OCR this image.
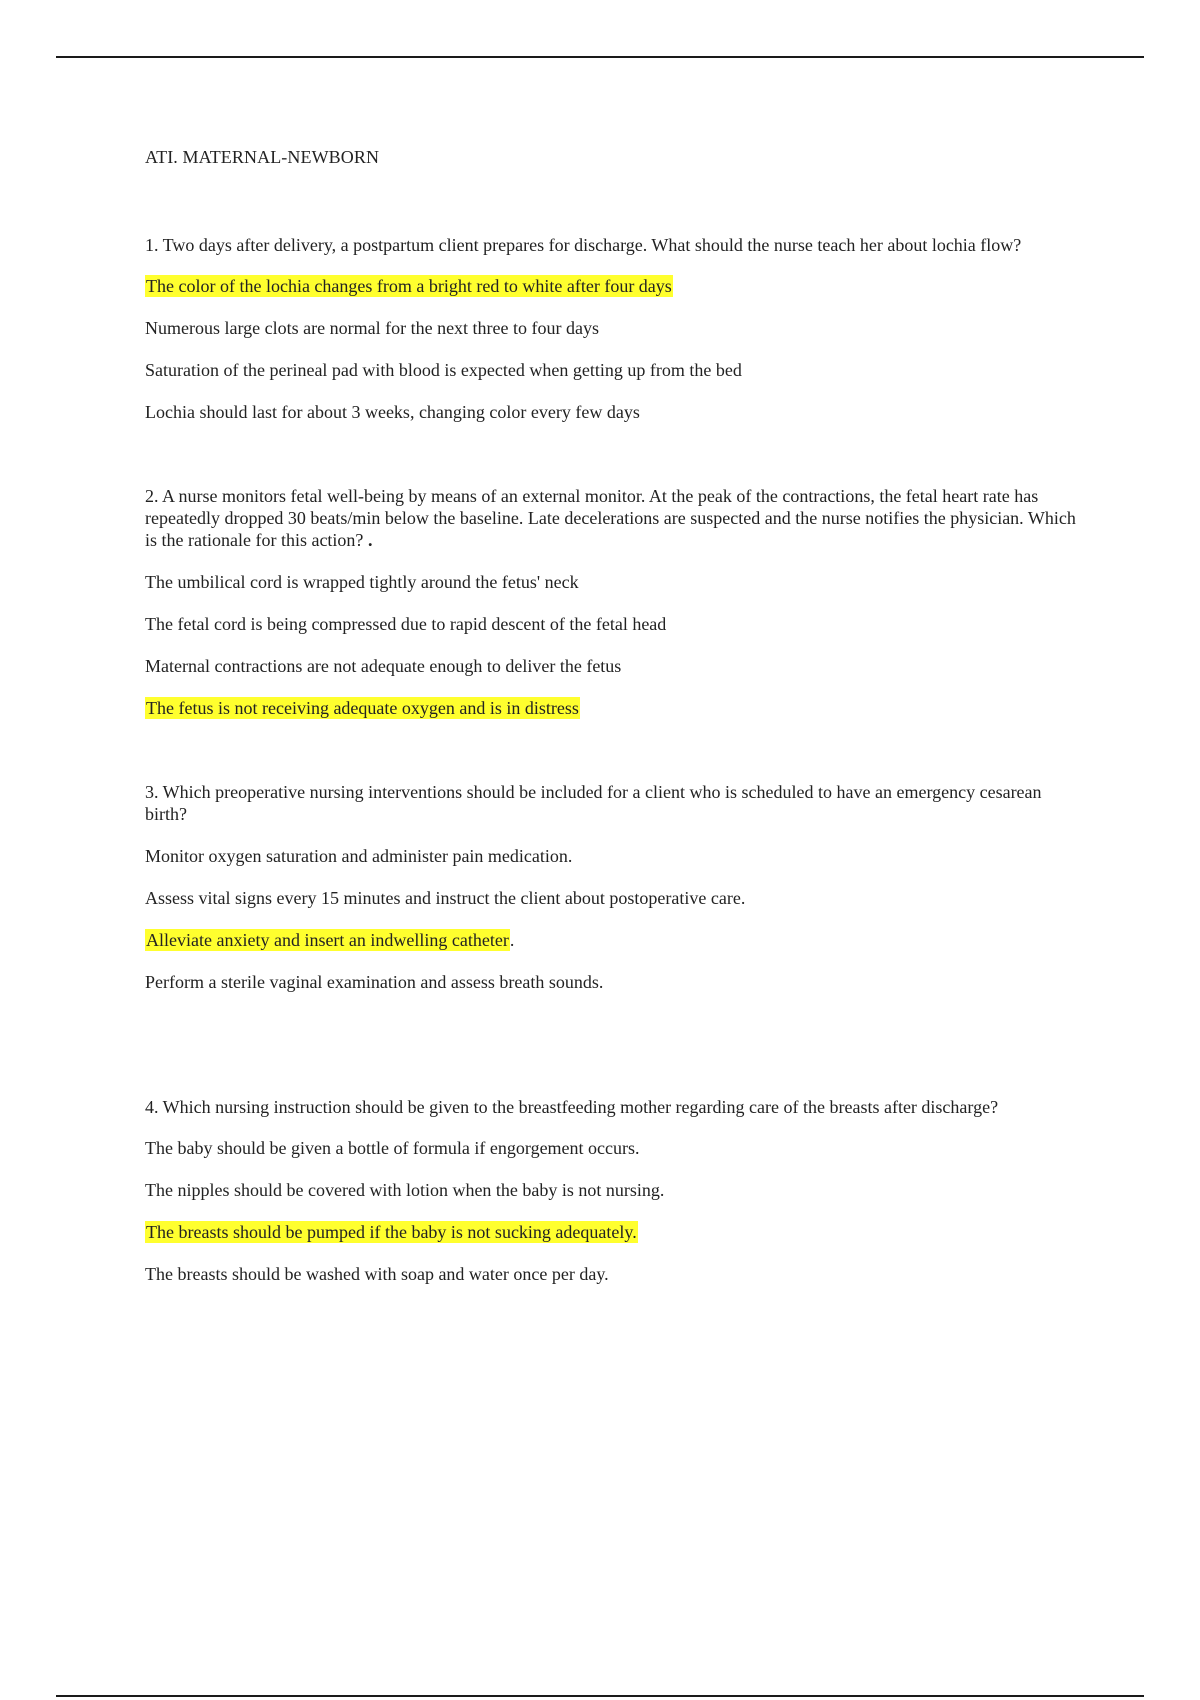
ATI. MATERNAL-NEWBORN

1. Two days after delivery, a postpartum client prepares for discharge. What should the nurse teach her about lochia flow?

The color of the lochia changes from a bright red to white after four days

Numerous large clots are normal for the next three to four days

Saturation of the perineal pad with blood is expected when getting up from the bed

Lochia should last for about 3 weeks, changing color every few days

2. A nurse monitors fetal well-being by means of an external monitor. At the peak of the contractions, the fetal heart rate has repeatedly dropped 30 beats/min below the baseline. Late decelerations are suspected and the nurse notifies the physician. Which is the rationale for this action? .

The umbilical cord is wrapped tightly around the fetus' neck

The fetal cord is being compressed due to rapid descent of the fetal head

Maternal contractions are not adequate enough to deliver the fetus

The fetus is not receiving adequate oxygen and is in distress

3. Which preoperative nursing interventions should be included for a client who is scheduled to have an emergency cesarean birth?

Monitor oxygen saturation and administer pain medication.

Assess vital signs every 15 minutes and instruct the client about postoperative care.

Alleviate anxiety and insert an indwelling catheter.

Perform a sterile vaginal examination and assess breath sounds.

4. Which nursing instruction should be given to the breastfeeding mother regarding care of the breasts after discharge?

The baby should be given a bottle of formula if engorgement occurs.

The nipples should be covered with lotion when the baby is not nursing.

The breasts should be pumped if the baby is not sucking adequately.

The breasts should be washed with soap and water once per day.
